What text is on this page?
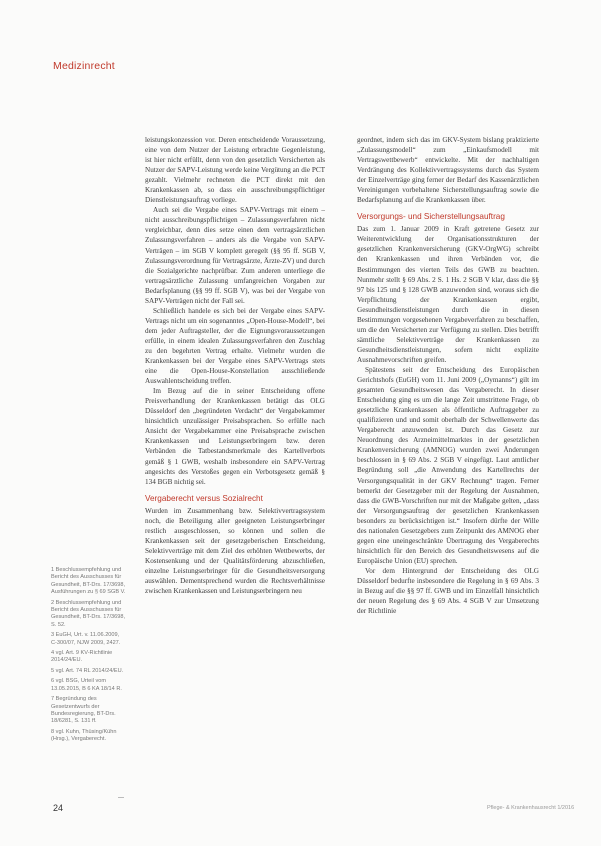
Medizinrecht

leistungskonzession vor. Deren entscheidende Voraussetzung, eine von dem Nutzer der Leistung erbrachte Gegenleistung, ist hier nicht erfüllt, denn von den gesetzlich Versicherten als Nutzer der SAPV-Leistung werde keine Vergütung an die PCT gezahlt. Vielmehr rechneten die PCT direkt mit den Krankenkassen ab, so dass ein ausschreibungspflichtiger Dienstleistungsauftrag vorliege.

Auch sei die Vergabe eines SAPV-Vertrags mit einem – nicht ausschreibungspflichtigen – Zulassungsverfahren nicht vergleichbar, denn dies setze einen dem vertragsärztlichen Zulassungsverfahren – anders als die Vergabe von SAPV-Verträgen – im SGB V komplett geregelt (§§ 95 ff. SGB V, Zulassungsverordnung für Vertragsärzte, Ärzte-ZV) und durch die Sozialgerichte nachprüfbar. Zum anderen unterliege die vertragsärztliche Zulassung umfangreichen Vorgaben zur Bedarfsplanung (§§ 99 ff. SGB V), was bei der Vergabe von SAPV-Verträgen nicht der Fall sei.

Schließlich handele es sich bei der Vergabe eines SAPV-Vertrags nicht um ein sogenanntes „Open-House-Modell“, bei dem jeder Auftragsteller, der die Eignungsvoraussetzungen erfülle, in einem idealen Zulassungsverfahren den Zuschlag zu den begehrten Vertrag erhalte. Vielmehr wurden die Krankenkassen bei der Vergabe eines SAPV-Vertrags stets eine die Open-House-Konstellation ausschließende Auswahlentscheidung treffen.

Im Bezug auf die in seiner Entscheidung offene Preisverhandlung der Krankenkassen betätigt das OLG Düsseldorf den „begründeten Verdacht“ der Vergabekammer hinsichtlich unzulässiger Preisabsprachen. So erfülle nach Ansicht der Vergabekammer eine Preisabsprache zwischen Krankenkassen und Leistungserbringern bzw. deren Verbänden die Tatbestandsmerkmale des Kartellverbots gemäß § 1 GWB, weshalb insbesondere ein SAPV-Vertrag angesichts des Verstoßes gegen ein Verbotsgesetz gemäß § 134 BGB nichtig sei.

Vergaberecht versus Sozialrecht

Wurden im Zusammenhang bzw. Selektivvertragssystem noch, die Beteiligung aller geeigneten Leistungserbringer restlich ausgeschlossen, so können und sollen die Krankenkassen seit der gesetzgeberischen Entscheidung, Selektivverträge mit dem Ziel des erhöhten Wettbewerbs, der Kostensenkung und der Qualitätsförderung abzuschließen, einzelne Leistungserbringer für die Gesundheitsversorgung auswählen. Dementsprechend wurden die Rechtsverhältnisse zwischen Krankenkassen und Leistungserbringern neu

geordnet, indem sich das im GKV-System bislang praktizierte „Zulassungsmodell“ zum „Einkaufsmodell mit Vertragswettbewerb“ entwickelte. Mit der nachhaltigen Verdrängung des Kollektivvertragssystems durch das System der Einzelverträge ging ferner der Bedarf des Kassenärztlichen Vereinigungen vorbehaltene Sicherstellungsauftrag sowie die Bedarfsplanung auf die Krankenkassen über.

Versorgungs- und Sicherstellungsauftrag

Das zum 1. Januar 2009 in Kraft getretene Gesetz zur Weiterentwicklung der Organisationsstrukturen der gesetzlichen Krankenversicherung (GKV-OrgWG) schreibt den Krankenkassen und ihren Verbänden vor, die Bestimmungen des vierten Teils des GWB zu beachten. Nunmehr stellt § 69 Abs. 2 S. 1 Hs. 2 SGB V klar, dass die §§ 97 bis 125 und § 128 GWB anzuwenden sind, woraus sich die Verpflichtung der Krankenkassen ergibt, Gesundheitsdienstleistungen durch die in diesen Bestimmungen vorgesehenen Vergabeverfahren zu beschaffen, um die den Versicherten zur Verfügung zu stellen. Dies betrifft sämtliche Selektivverträge der Krankenkassen zu Gesundheitsdienstleistungen, sofern nicht explizite Ausnahmevorschriften greifen.

Spätestens seit der Entscheidung des Europäischen Gerichtshofs (EuGH) vom 11. Juni 2009 („Oymanns“) gilt im gesamten Gesundheitswesen das Vergaberecht. In dieser Entscheidung ging es um die lange Zeit umstrittene Frage, ob gesetzliche Krankenkassen als öffentliche Auftraggeber zu qualifizieren und und somit oberhalb der Schwellenwerte das Vergaberecht anzuwenden ist. Durch das Gesetz zur Neuordnung des Arzneimittelmarktes in der gesetzlichen Krankenversicherung (AMNOG) wurden zwei Änderungen beschlossen in § 69 Abs. 2 SGB V eingefügt. Laut amtlicher Begründung soll „die Anwendung des Kartellrechts der Versorgungsqualität in der GKV Rechnung“ tragen. Ferner bemerkt der Gesetzgeber mit der Regelung der Ausnahmen, dass die GWB-Vorschriften nur mit der Maßgabe gelten, „dass der Versorgungsauftrag der gesetzlichen Krankenkassen besonders zu berücksichtigen ist.“ Insofern dürfte der Wille des nationalen Gesetzgebers zum Zeitpunkt des AMNOG eher gegen eine uneingeschränkte Übertragung des Vergaberechts hinsichtlich für den Bereich des Gesundheitswesens auf die Europäische Union (EU) sprechen.

Vor dem Hintergrund der Entscheidung des OLG Düsseldorf bedurfte insbesondere die Regelung in § 69 Abs. 3 in Bezug auf die §§ 97 ff. GWB und im Einzelfall hinsichtlich der neuen Regelung des § 69 Abs. 4 SGB V zur Umsetzung der Richtlinie

1 Beschlussempfehlung und Bericht des Ausschusses für Gesundheit, BT-Drs. 17/3698, Ausführungen zu § 69 SGB V.

2 Beschlussempfehlung und Bericht des Ausschusses für Gesundheit, BT-Drs. 17/3698, S. 52.

3 EuGH, Urt. v. 11.06.2009, C-300/07, NJW 2009, 2427.

4 vgl. Art. 9 KV-Richtlinie 2014/24/EU.

5 vgl. Art. 74 RL 2014/24/EU.

6 vgl. BSG, Urteil vom 13.05.2015, B 6 KA 18/14 R.

7 Begründung des Gesetzentwurfs der Bundesregierung, BT-Drs. 18/6281, S. 131 ff.

8 vgl. Kuhn, Thüsing/Kühn (Hrsg.), Vergaberecht.

24	Pflege- & Krankenhausrecht 1/2016
